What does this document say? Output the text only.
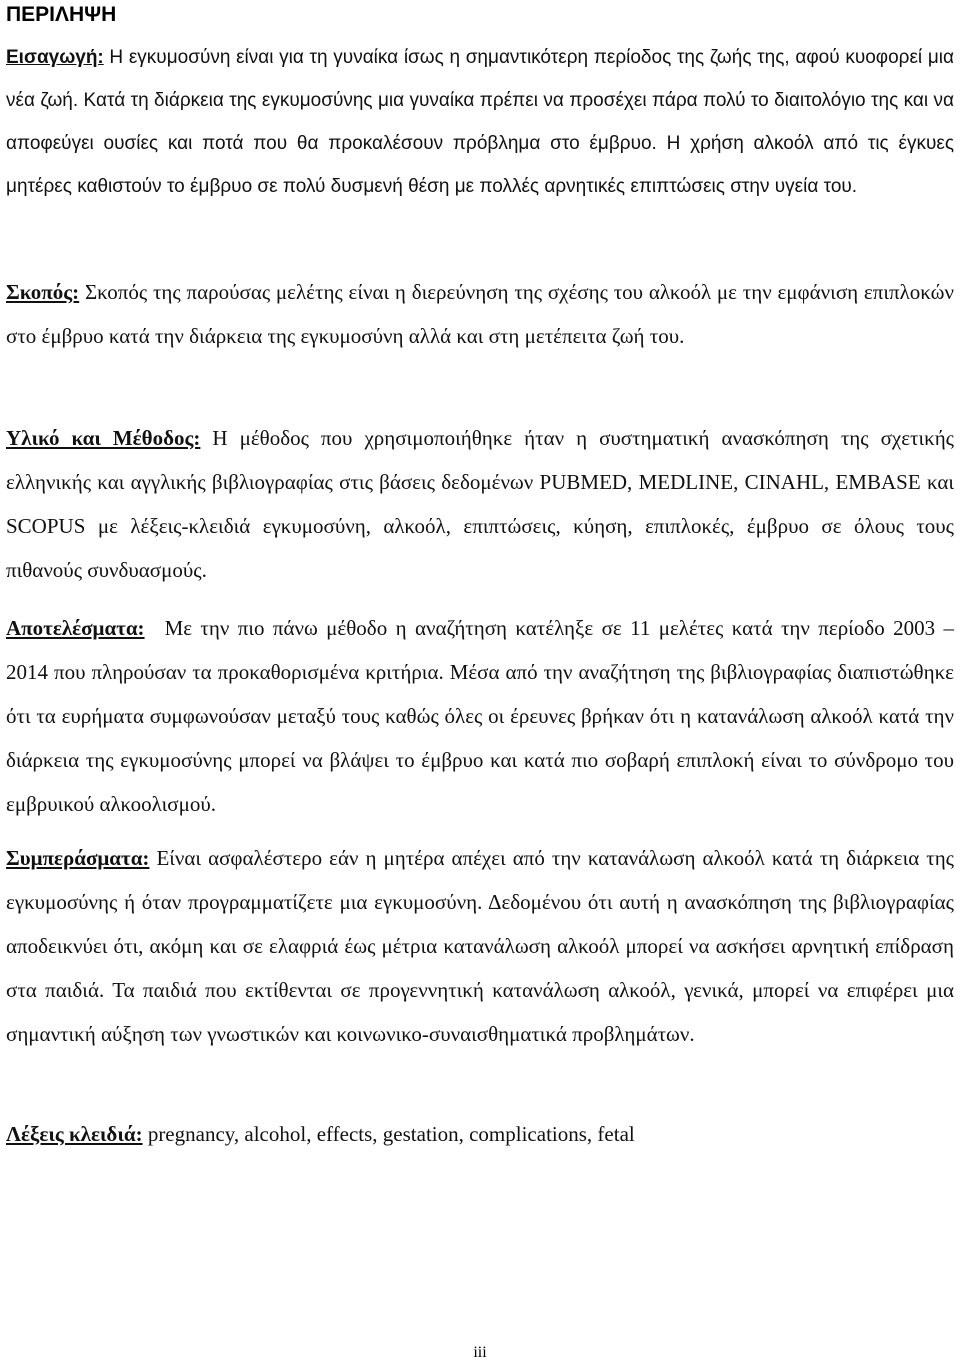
ΠΕΡΙΛΗΨΗ

Εισαγωγή: Η εγκυμοσύνη είναι για τη γυναίκα ίσως η σημαντικότερη περίοδος της ζωής της, αφού κυοφορεί μια νέα ζωή. Κατά τη διάρκεια της εγκυμοσύνης μια γυναίκα πρέπει να προσέχει πάρα πολύ το διαιτολόγιο της και να αποφεύγει ουσίες και ποτά που θα προκαλέσουν πρόβλημα στο έμβρυο. Η χρήση αλκοόλ από τις έγκυες μητέρες καθιστούν το έμβρυο σε πολύ δυσμενή θέση με πολλές αρνητικές επιπτώσεις στην υγεία του.

Σκοπός: Σκοπός της παρούσας μελέτης είναι η διερεύνηση της σχέσης του αλκοόλ με την εμφάνιση επιπλοκών στο έμβρυο κατά την διάρκεια της εγκυμοσύνη αλλά και στη μετέπειτα ζωή του.

Υλικό και Μέθοδος: Η μέθοδος που χρησιμοποιήθηκε ήταν η συστηματική ανασκόπηση της σχετικής ελληνικής και αγγλικής βιβλιογραφίας στις βάσεις δεδομένων PUBMED, MEDLINE, CINAHL, EMBASE και SCOPUS με λέξεις-κλειδιά εγκυμοσύνη, αλκοόλ, επιπτώσεις, κύηση, επιπλοκές, έμβρυο σε όλους τους πιθανούς συνδυασμούς.

Αποτελέσματα: Με την πιο πάνω μέθοδο η αναζήτηση κατέληξε σε 11 μελέτες κατά την περίοδο 2003 – 2014 που πληρούσαν τα προκαθορισμένα κριτήρια. Μέσα από την αναζήτηση της βιβλιογραφίας διαπιστώθηκε ότι τα ευρήματα συμφωνούσαν μεταξύ τους καθώς όλες οι έρευνες βρήκαν ότι η κατανάλωση αλκοόλ κατά την διάρκεια της εγκυμοσύνης μπορεί να βλάψει το έμβρυο και κατά πιο σοβαρή επιπλοκή είναι το σύνδρομο του εμβρυικού αλκοολισμού.

Συμπεράσματα: Είναι ασφαλέστερο εάν η μητέρα απέχει από την κατανάλωση αλκοόλ κατά τη διάρκεια της εγκυμοσύνης ή όταν προγραμματίζετε μια εγκυμοσύνη. Δεδομένου ότι αυτή η ανασκόπηση της βιβλιογραφίας αποδεικνύει ότι, ακόμη και σε ελαφριά έως μέτρια κατανάλωση αλκοόλ μπορεί να ασκήσει αρνητική επίδραση στα παιδιά. Τα παιδιά που εκτίθενται σε προγεννητική κατανάλωση αλκοόλ, γενικά, μπορεί να επιφέρει μια σημαντική αύξηση των γνωστικών και κοινωνικο-συναισθηματικά προβλημάτων.

Λέξεις κλειδιά: pregnancy, alcohol, effects, gestation, complications, fetal

iii
